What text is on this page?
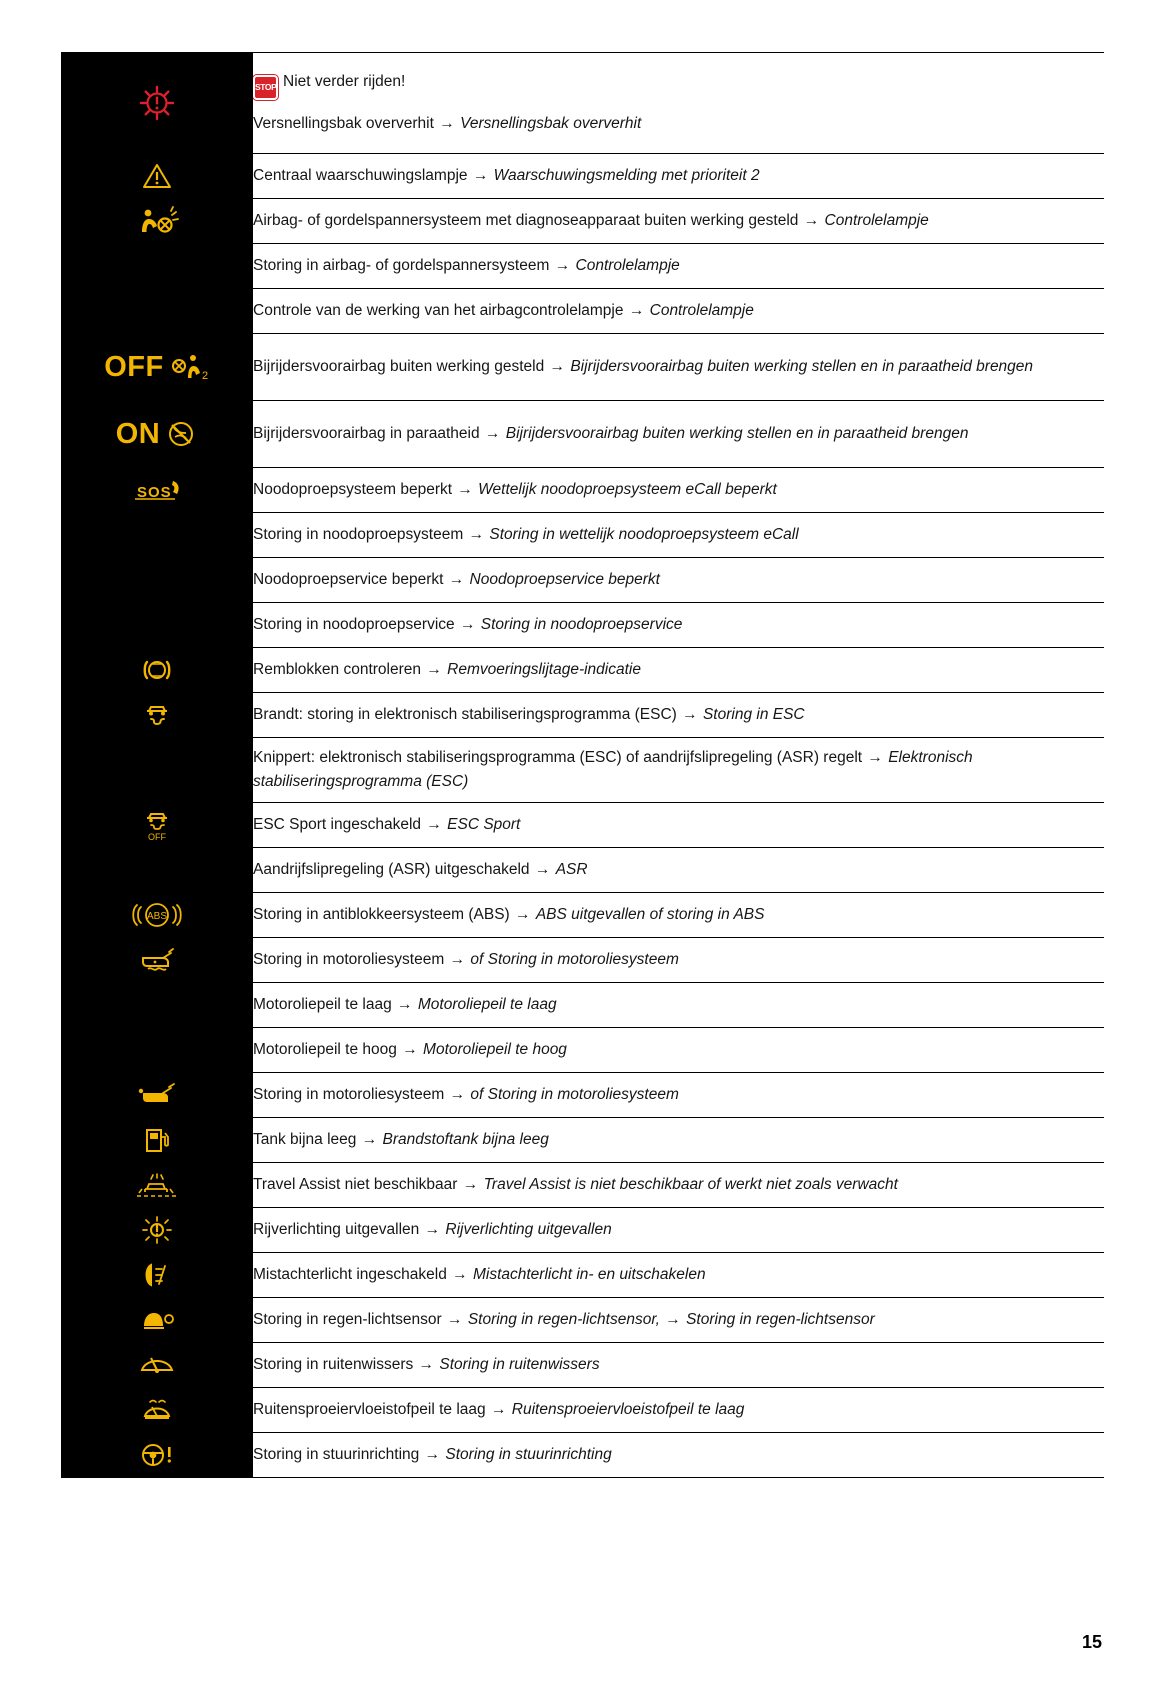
STOP Niet verder rijden!
Versnellingsbak oververhit → Versnellingsbak oververhit

	Centraal waarschuwingslampje → Waarschuwingsmelding met prioriteit 2

	Airbag- of gordelspannersysteem met diagnoseapparaat buiten werking gesteld → Controlelampje
	Storing in airbag- of gordelspannersysteem → Controlelampje
	Controle van de werking van het airbagcontrolelampje → Controlelampje

OFF 2	Bijrijdersvoorairbag buiten werking gesteld → Bijrijdersvoorairbag buiten werking stellen en in paraatheid brengen

ON	Bijrijdersvoorairbag in paraatheid → Bijrijdersvoorairbag buiten werking stellen en in paraatheid brengen

SOS	Noodoproepsysteem beperkt → Wettelijk noodoproepsysteem eCall beperkt
	Storing in noodoproepsysteem → Storing in wettelijk noodoproepsysteem eCall
	Noodoproepservice beperkt → Noodoproepservice beperkt
	Storing in noodoproepservice → Storing in noodoproepservice

	Remblokken controleren → Remvoeringslijtage-indicatie

	Brandt: storing in elektronisch stabiliseringsprogramma (ESC) → Storing in ESC
	Knippert: elektronisch stabiliseringsprogramma (ESC) of aandrijfslipregeling (ASR) regelt → Elektronisch stabiliseringsprogramma (ESC)

OFF	ESC Sport ingeschakeld → ESC Sport
	Aandrijfslipregeling (ASR) uitgeschakeld → ASR

ABS	Storing in antiblokkeersysteem (ABS) → ABS uitgevallen of storing in ABS

	Storing in motoroliesysteem → of Storing in motoroliesysteem
	Motoroliepeil te laag → Motoroliepeil te laag
	Motoroliepeil te hoog → Motoroliepeil te hoog

	Storing in motoroliesysteem → of Storing in motoroliesysteem

	Tank bijna leeg → Brandstoftank bijna leeg

	Travel Assist niet beschikbaar → Travel Assist is niet beschikbaar of werkt niet zoals verwacht

	Rijverlichting uitgevallen → Rijverlichting uitgevallen

	Mistachterlicht ingeschakeld → Mistachterlicht in- en uitschakelen

	Storing in regen-lichtsensor → Storing in regen-lichtsensor, → Storing in regen-lichtsensor

	Storing in ruitenwissers → Storing in ruitenwissers

	Ruitensproeiervloeistofpeil te laag → Ruitensproeiervloeistofpeil te laag

	Storing in stuurinrichting → Storing in stuurinrichting
15
